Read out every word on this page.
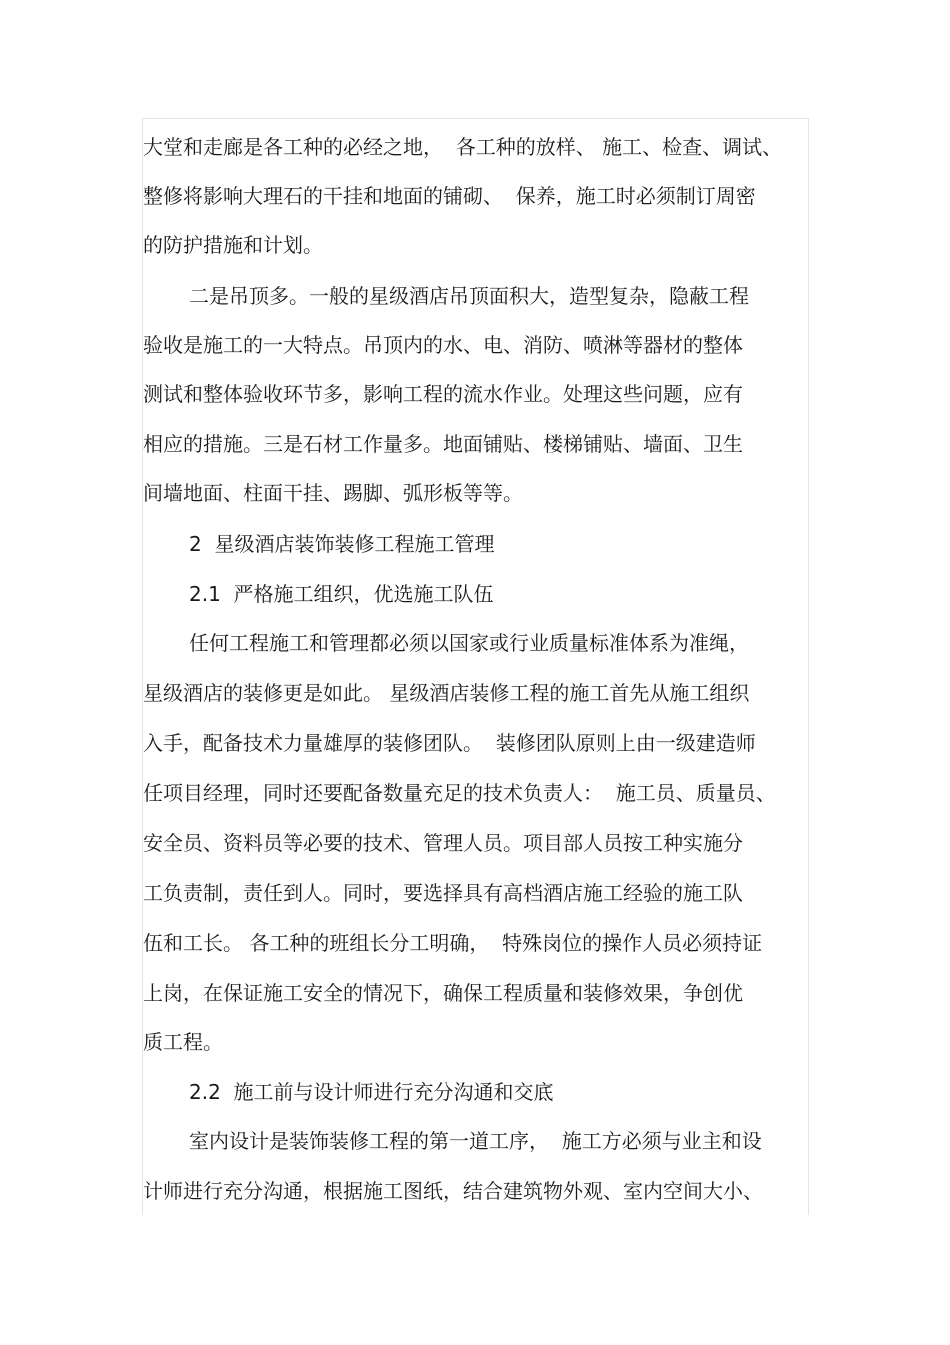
大堂和走廊是各工种的必经之地，  各工种的放样、 施工、检查、调试、
整修将影响大理石的干挂和地面的铺砌、  保养，施工时必须制订周密
的防护措施和计划。
二是吊顶多。一般的星级酒店吊顶面积大，造型复杂，隐蔽工程
验收是施工的一大特点。吊顶内的水、电、消防、喷淋等器材的整体
测试和整体验收环节多，影响工程的流水作业。处理这些问题，应有
相应的措施。三是石材工作量多。地面铺贴、楼梯铺贴、墙面、卫生
间墙地面、柱面干挂、踢脚、弧形板等等。
2  星级酒店装饰装修工程施工管理
2.1  严格施工组织，优选施工队伍
任何工程施工和管理都必须以国家或行业质量标准体系为准绳，
星级酒店的装修更是如此。 星级酒店装修工程的施工首先从施工组织
入手，配备技术力量雄厚的装修团队。  装修团队原则上由一级建造师
任项目经理，同时还要配备数量充足的技术负责人：  施工员、质量员、
安全员、资料员等必要的技术、管理人员。项目部人员按工种实施分
工负责制，责任到人。同时，要选择具有高档酒店施工经验的施工队
伍和工长。 各工种的班组长分工明确，  特殊岗位的操作人员必须持证
上岗，在保证施工安全的情况下，确保工程质量和装修效果，争创优
质工程。
2.2  施工前与设计师进行充分沟通和交底
室内设计是装饰装修工程的第一道工序，  施工方必须与业主和设
计师进行充分沟通，根据施工图纸，结合建筑物外观、室内空间大小、
